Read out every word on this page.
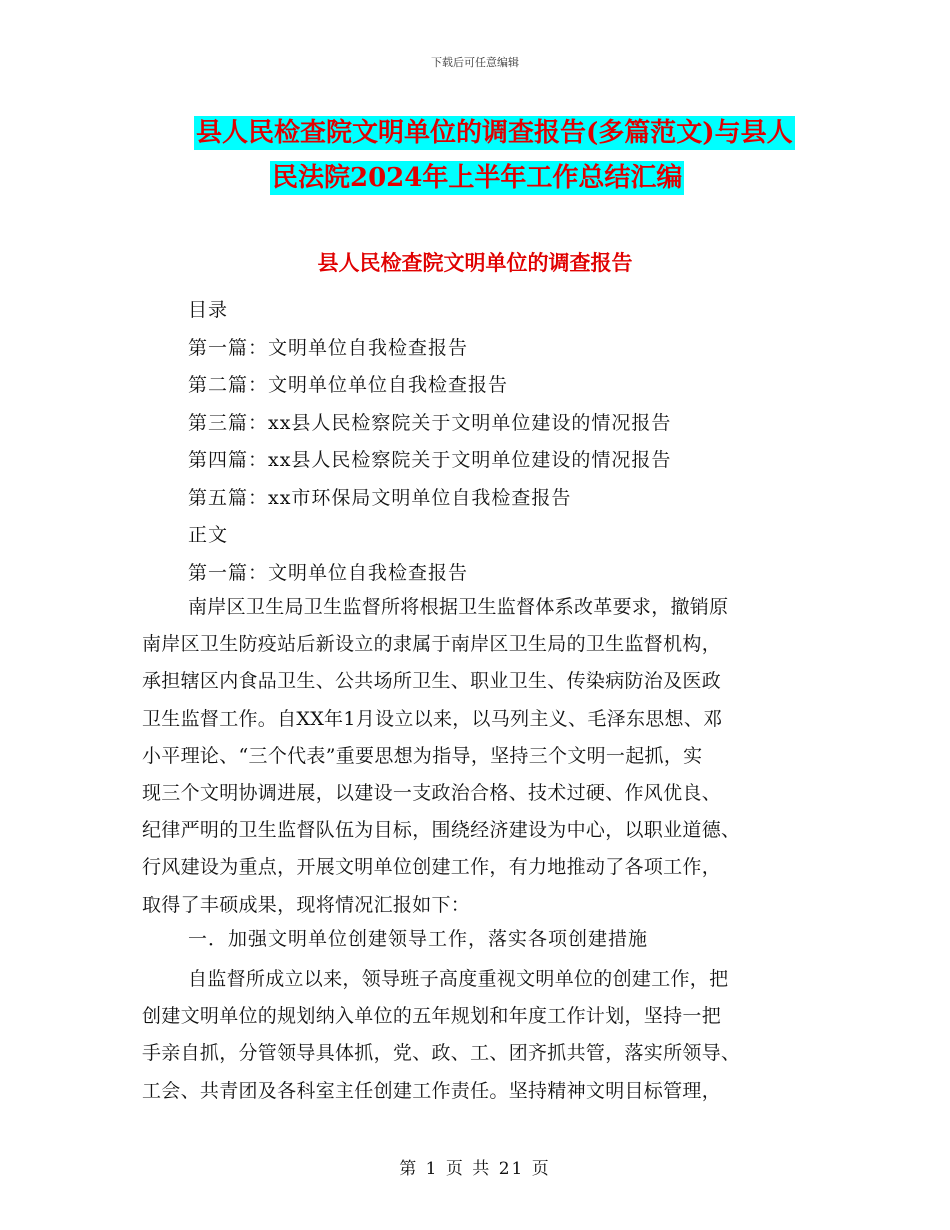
下载后可任意编辑
县人民检查院文明单位的调查报告(多篇范文)与县人
民法院2024年上半年工作总结汇编
县人民检查院文明单位的调查报告
目录
第一篇：文明单位自我检查报告
第二篇：文明单位单位自我检查报告
第三篇：xx县人民检察院关于文明单位建设的情况报告
第四篇：xx县人民检察院关于文明单位建设的情况报告
第五篇：xx市环保局文明单位自我检查报告
正文
第一篇：文明单位自我检查报告
南岸区卫生局卫生监督所将根据卫生监督体系改革要求，撤销原
南岸区卫生防疫站后新设立的隶属于南岸区卫生局的卫生监督机构，
承担辖区内食品卫生、公共场所卫生、职业卫生、传染病防治及医政
卫生监督工作。自XX年1月设立以来，以马列主义、毛泽东思想、邓
小平理论、“三个代表”重要思想为指导，坚持三个文明一起抓，实
现三个文明协调进展，以建设一支政治合格、技术过硬、作风优良、
纪律严明的卫生监督队伍为目标，围绕经济建设为中心，以职业道德、
行风建设为重点，开展文明单位创建工作，有力地推动了各项工作，
取得了丰硕成果，现将情况汇报如下：
一．加强文明单位创建领导工作，落实各项创建措施
自监督所成立以来，领导班子高度重视文明单位的创建工作，把
创建文明单位的规划纳入单位的五年规划和年度工作计划，坚持一把
手亲自抓，分管领导具体抓，党、政、工、团齐抓共管，落实所领导、
工会、共青团及各科室主任创建工作责任。坚持精神文明目标管理，
第 1 页 共 21 页
